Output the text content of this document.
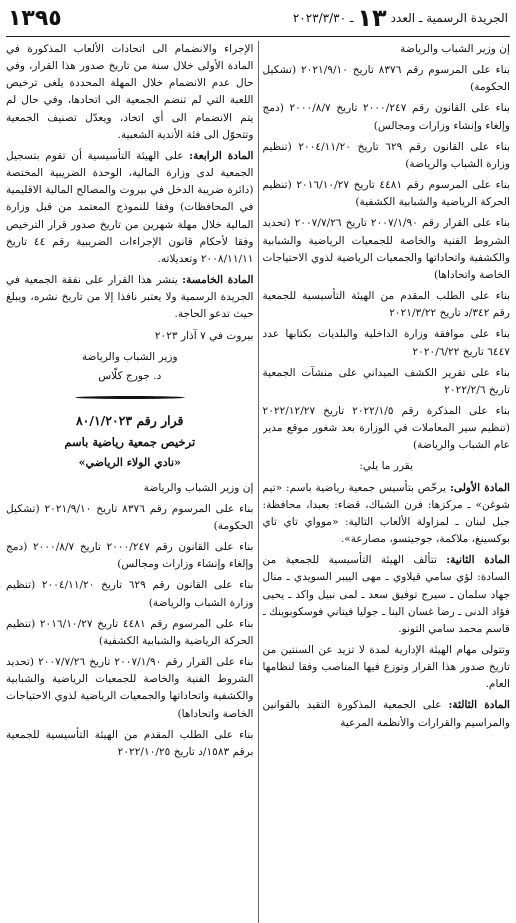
الجريدة الرسمية ـ العدد
١٣
ـ ٢٠٢٣/٣/٣٠
١٣٩٥

إن وزير الشباب والرياضة

بناء على المرسوم رقم ٨٣٧٦ تاريخ ٢٠٢١/٩/١٠ (تشكيل الحكومة)

بناء على القانون رقم ٢٠٠٠/٢٤٧ تاريخ ٢٠٠٠/٨/٧ (دمج وإلغاء وإنشاء وزارات ومجالس)

بناء على القانون رقم ٦٢٩ تاريخ ٢٠٠٤/١١/٢٠ (تنظيم وزارة الشباب والرياضة)

بناء على المرسوم رقم ٤٤٨١ تاريخ ٢٠١٦/١٠/٢٧ (تنظيم الحركة الرياضية والشبابية الكشفية)

بناء على القرار رقم ٢٠٠٧/١/٩٠ تاريخ ٢٠٠٧/٧/٢٦ (تحديد الشروط الفنية والخاصة للجمعيات الرياضية والشبابية والكشفية واتحاداتها والجمعيات الرياضية لذوي الاحتياجات الخاصة واتحاداها)

بناء على الطلب المقدم من الهيئة التأسيسية للجمعية رقم ٣٤٢/د تاريخ ٢٠٢١/٣/٢٢

بناء على موافقة وزارة الداخلية والبلديات بكتابها عدد ٦٤٤٧ تاريخ ٢٠٢٠/٦/٢٢

بناء على تقرير الكشف الميداني على منشآت الجمعية تاريخ ٢٠٢٢/٢/٦

بناء على المذكرة رقم ٢٠٢٢/١/٥ تاريخ ٢٠٢٢/١٢/٢٧ (تنظيم سير المعاملات في الوزارة بعد شغور موقع مدير عام الشباب والرياضة)

يقرر ما يلي:

المادة الأولى: يرخّص بتأسيس جمعية رياضية باسم: «تيم شوغن» ـ مركزها: فرن الشباك، قضاء: بعبدا، محافظة: جبل لبنان ـ لمزاولة الألعاب التالية: «موواي تاي تاي بوكسينغ، ملاكمة، جوجيتسو، مصارعة».

المادة الثانية: تتألف الهيئة التأسيسية للجمعية من السادة: لؤي سامي قيلاوي ـ مهى الييبر السويدي ـ منال جهاد سلمان ـ سيرج توفيق سعد ـ لمى نبيل واكد ـ يحيى فؤاد الدنى ـ رضا غسان البنا ـ جوليا فيتاني فوسكوبوينك ـ قاسم محمد سامي التونو.

وتتولى مهام الهيئة الإدارية لمدة لا تزيد عن السنتين من تاريخ صدور هذا القرار وتوزع فيها المناصب وفقا لنظامها العام.

المادة الثالثة: على الجمعية المذكورة التقيد بالقوانين والمراسيم والقرارات والأنظمة المرعية

الإجراء والانضمام الى اتحادات الألعاب المذكورة في المادة الأولى خلال سنة من تاريخ صدور هذا القرار، وفي حال عدم الانضمام خلال المهلة المحددة يلغى ترخيص اللعبة التي لم تنضم الجمعية الى اتحادها، وفي حال لم يتم الانضمام الى أي اتحاد، ويعدّل تصنيف الجمعية وتتحوّل الى فئة الأندية الشعبية.

المادة الرابعة: على الهيئة التأسيسية أن تقوم بتسجيل الجمعية لدى وزارة المالية، الوحدة الضريبية المختصة (دائرة ضريبة الدخل في بيروت والمصالح المالية الاقليمية في المحافظات) وفقا للنموذج المعتمد من قبل وزارة المالية خلال مهلة شهرين من تاريخ صدور قرار الترخيص وفقا لأحكام قانون الإجراءات الضريبية رقم ٤٤ تاريخ ٢٠٠٨/١١/١١ وتعديلاته.

المادة الخامسة: ينشر هذا القرار على نفقة الجمعية في الجريدة الرسمية ولا يعتبر نافذا إلا من تاريخ نشره، ويبلغ حيث تدعو الحاجة.

بيروت في ٧ آذار ٢٠٢٣

وزير الشباب والرياضة

د. جورج كلّاس

قرار رقم ٨٠/١/٢٠٢٣
ترخيص جمعية رياضية باسم
«نادي الولاء الرياضي»

إن وزير الشباب والرياضة

بناء على المرسوم رقم ٨٣٧٦ تاريخ ٢٠٢١/٩/١٠ (تشكيل الحكومة)

بناء على القانون رقم ٢٠٠٠/٢٤٧ تاريخ ٢٠٠٠/٨/٧ (دمج وإلغاء وإنشاء وزارات ومجالس)

بناء على القانون رقم ٦٢٩ تاريخ ٢٠٠٤/١١/٢٠ (تنظيم وزارة الشباب والرياضة)

بناء على المرسوم رقم ٤٤٨١ تاريخ ٢٠١٦/١٠/٢٧ (تنظيم الحركة الرياضية والشبابية الكشفية)

بناء على القرار رقم ٢٠٠٧/١/٩٠ تاريخ ٢٠٠٧/٧/٢٦ (تحديد الشروط الفنية والخاصة للجمعيات الرياضية والشبابية والكشفية واتحاداتها والجمعيات الرياضية لذوي الاحتياجات الخاصة واتحاداها)

بناء على الطلب المقدم من الهيئة التأسيسية للجمعية برقم ١٥٨٣/د تاريخ ٢٠٢٢/١٠/٢٥
